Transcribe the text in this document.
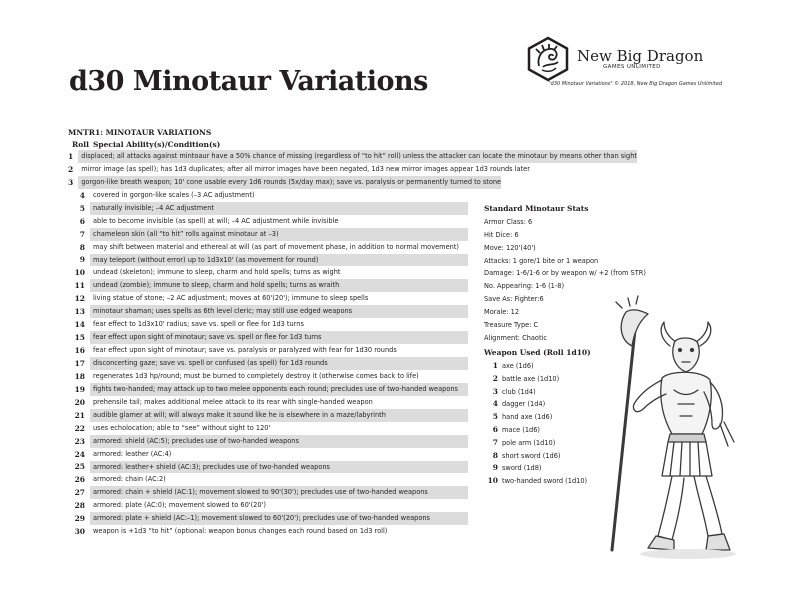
New Big Dragon
GAMES UNLIMITED
"d30 Minotaur Variations" © 2018, New Big Dragon Games Unlimited
d30 Minotaur Variations
MNTR1: MINOTAUR VARIATIONS
Roll Special Ability(s)/Condition(s)
1	displaced; all attacks against mintoaur have a 50% chance of missing (regardless of “to hit” roll) unless the attacker can locate the minotaur by means other than sight
2	mirror image (as spell); has 1d3 duplicates; after all mirror images have been negated, 1d3 new mirror images appear 1d3 rounds later
3	gorgon-like breath weapon; 10' cone usable every 1d6 rounds (5x/day max); save vs. paralysis or permanently turned to stone
4	covered in gorgon-like scales (–3 AC adjustment)
5	naturally invisible; –4 AC adjustment
6	able to become invisible (as spell) at will; –4 AC adjustment while invisible
7	chameleon skin (all “to hit” rolls against minotaur at –3)
8	may shift between material and ethereal at will (as part of movement phase, in addition to normal movement)
9	may teleport (without error) up to 1d3x10' (as movement for round)
10	undead (skeleton); immune to sleep, charm and hold spells; turns as wight
11	undead (zombie); immune to sleep, charm and hold spells; turns as wraith
12	living statue of stone; –2 AC adjustment; moves at 60'(20'); immune to sleep spells
13	minotaur shaman; uses spells as 6th level cleric; may still use edged weapons
14	fear effect to 1d3x10' radius; save vs. spell or flee for 1d3 turns
15	fear effect upon sight of minotaur; save vs. spell or flee for 1d3 turns
16	fear effect upon sight of minotaur; save vs. paralysis or paralyzed with fear for 1d30 rounds
17	disconcerting gaze; save vs. spell or confused (as spell) for 1d3 rounds
18	regenerates 1d3 hp/round; must be burned to completely destroy it (otherwise comes back to life)
19	fights two-handed; may attack up to two melee opponents each round; precludes use of two-handed weapons
20	prehensile tail; makes additional melee attack to its rear with single-handed weapon
21	audible glamer at will; will always make it sound like he is elsewhere in a maze/labyrinth
22	uses echolocation; able to “see” without sight to 120'
23	armored: shield (AC:5); precludes use of two-handed weapons
24	armored: leather (AC:4)
25	armored: leather+ shield (AC:3); precludes use of two-handed weapons
26	armored: chain (AC:2)
27	armored: chain + shield (AC:1); movement slowed to 90'(30'); precludes use of two-handed weapons
28	armored: plate (AC:0); movement slowed to 60'(20')
29	armored: plate + shield (AC:–1); movement slowed to 60'(20'); precludes use of two-handed weapons
30	weapon is +1d3 “to hit” (optional: weapon bonus changes each round based on 1d3 roll)
Standard Minotaur Stats
Armor Class: 6
Hit Dice: 6
Move: 120'(40')
Attacks: 1 gore/1 bite or 1 weapon
Damage: 1-6/1-6 or by weapon w/ +2 (from STR)
No. Appearing: 1-6 (1-8)
Save As: Fighter:6
Morale: 12
Treasure Type: C
Alignment: Chaotic
Weapon Used (Roll 1d10)
1 axe (1d6)
2 battle axe (1d10)
3 club (1d4)
4 dagger (1d4)
5 hand axe (1d6)
6 mace (1d6)
7 pole arm (1d10)
8 short sword (1d6)
9 sword (1d8)
10 two-handed sword (1d10)
